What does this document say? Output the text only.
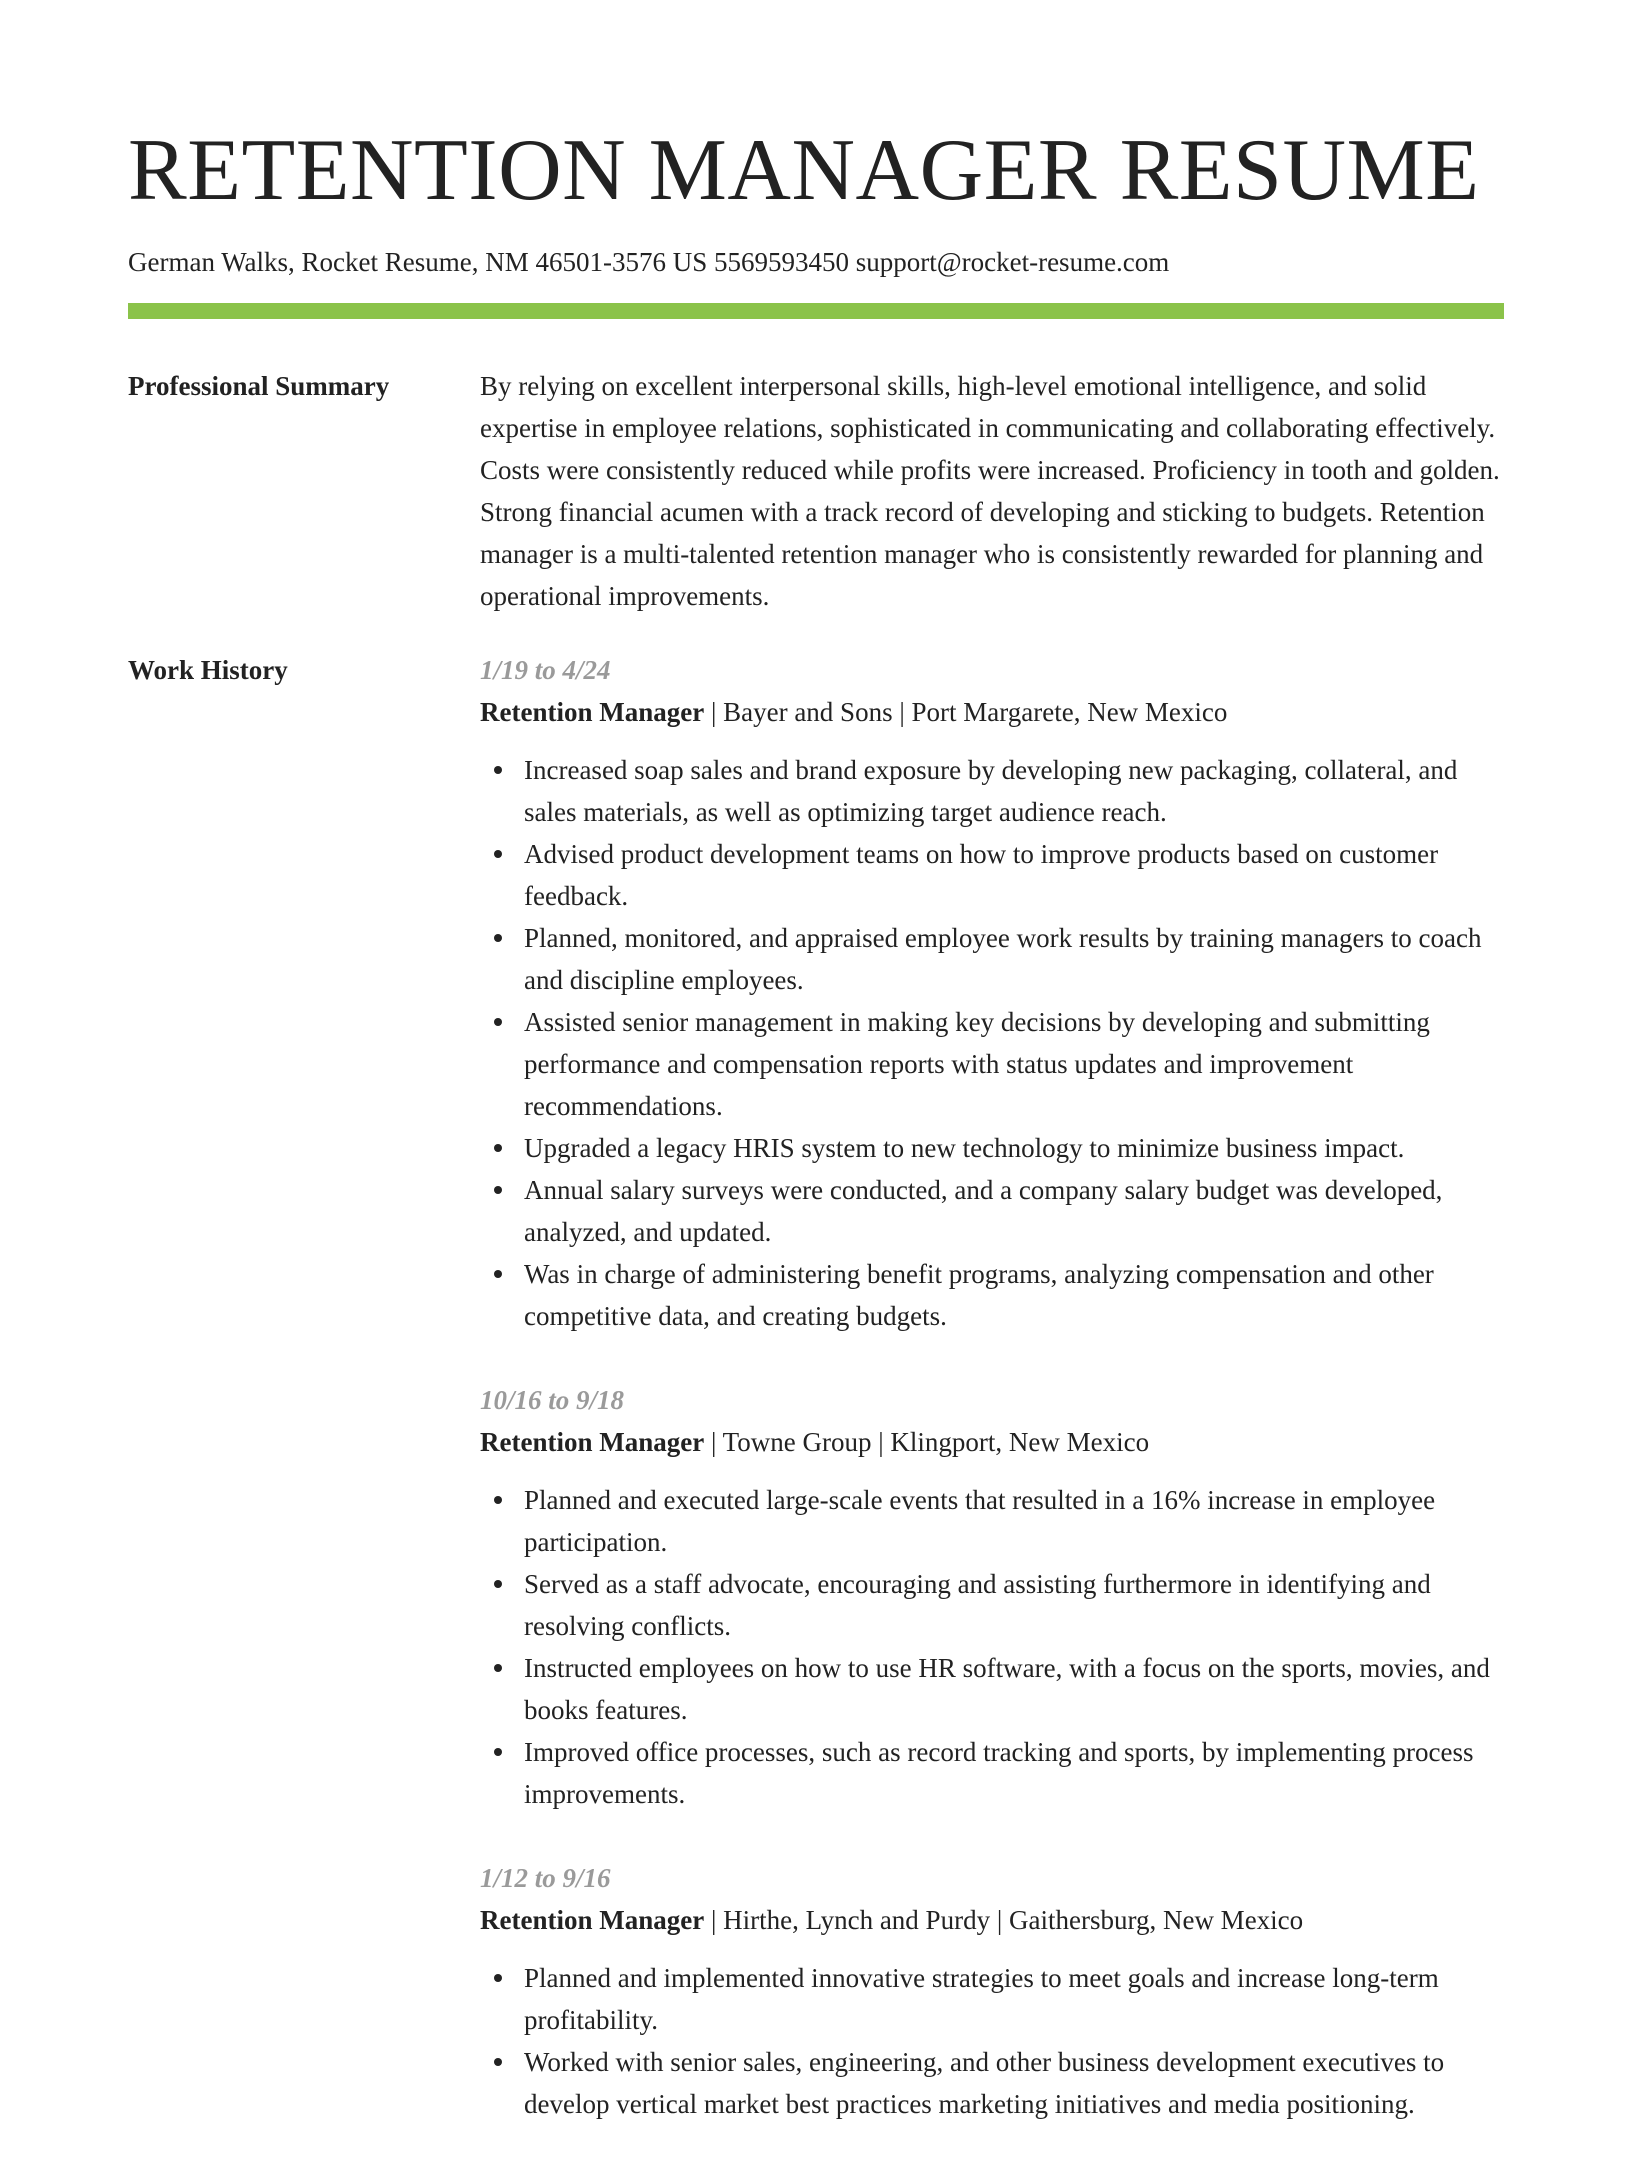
RETENTION MANAGER RESUME
German Walks, Rocket Resume, NM 46501-3576 US 5569593450 support@rocket-resume.com
Professional Summary	By relying on excellent interpersonal skills, high-level emotional intelligence, and solid expertise in employee relations, sophisticated in communicating and collaborating effectively. Costs were consistently reduced while profits were increased. Proficiency in tooth and golden. Strong financial acumen with a track record of developing and sticking to budgets. Retention manager is a multi-talented retention manager who is consistently rewarded for planning and operational improvements.

Work History	1/19 to 4/24
Retention Manager | Bayer and Sons | Port Margarete, New Mexico
Increased soap sales and brand exposure by developing new packaging, collateral, and sales materials, as well as optimizing target audience reach.
Advised product development teams on how to improve products based on customer feedback.
Planned, monitored, and appraised employee work results by training managers to coach and discipline employees.
Assisted senior management in making key decisions by developing and submitting performance and compensation reports with status updates and improvement recommendations.
Upgraded a legacy HRIS system to new technology to minimize business impact.
Annual salary surveys were conducted, and a company salary budget was developed, analyzed, and updated.
Was in charge of administering benefit programs, analyzing compensation and other competitive data, and creating budgets.
10/16 to 9/18
Retention Manager | Towne Group | Klingport, New Mexico
Planned and executed large-scale events that resulted in a 16% increase in employee participation.
Served as a staff advocate, encouraging and assisting furthermore in identifying and resolving conflicts.
Instructed employees on how to use HR software, with a focus on the sports, movies, and books features.
Improved office processes, such as record tracking and sports, by implementing process improvements.
1/12 to 9/16
Retention Manager | Hirthe, Lynch and Purdy | Gaithersburg, New Mexico
Planned and implemented innovative strategies to meet goals and increase long-term profitability.
Worked with senior sales, engineering, and other business development executives to develop vertical market best practices marketing initiatives and media positioning.
